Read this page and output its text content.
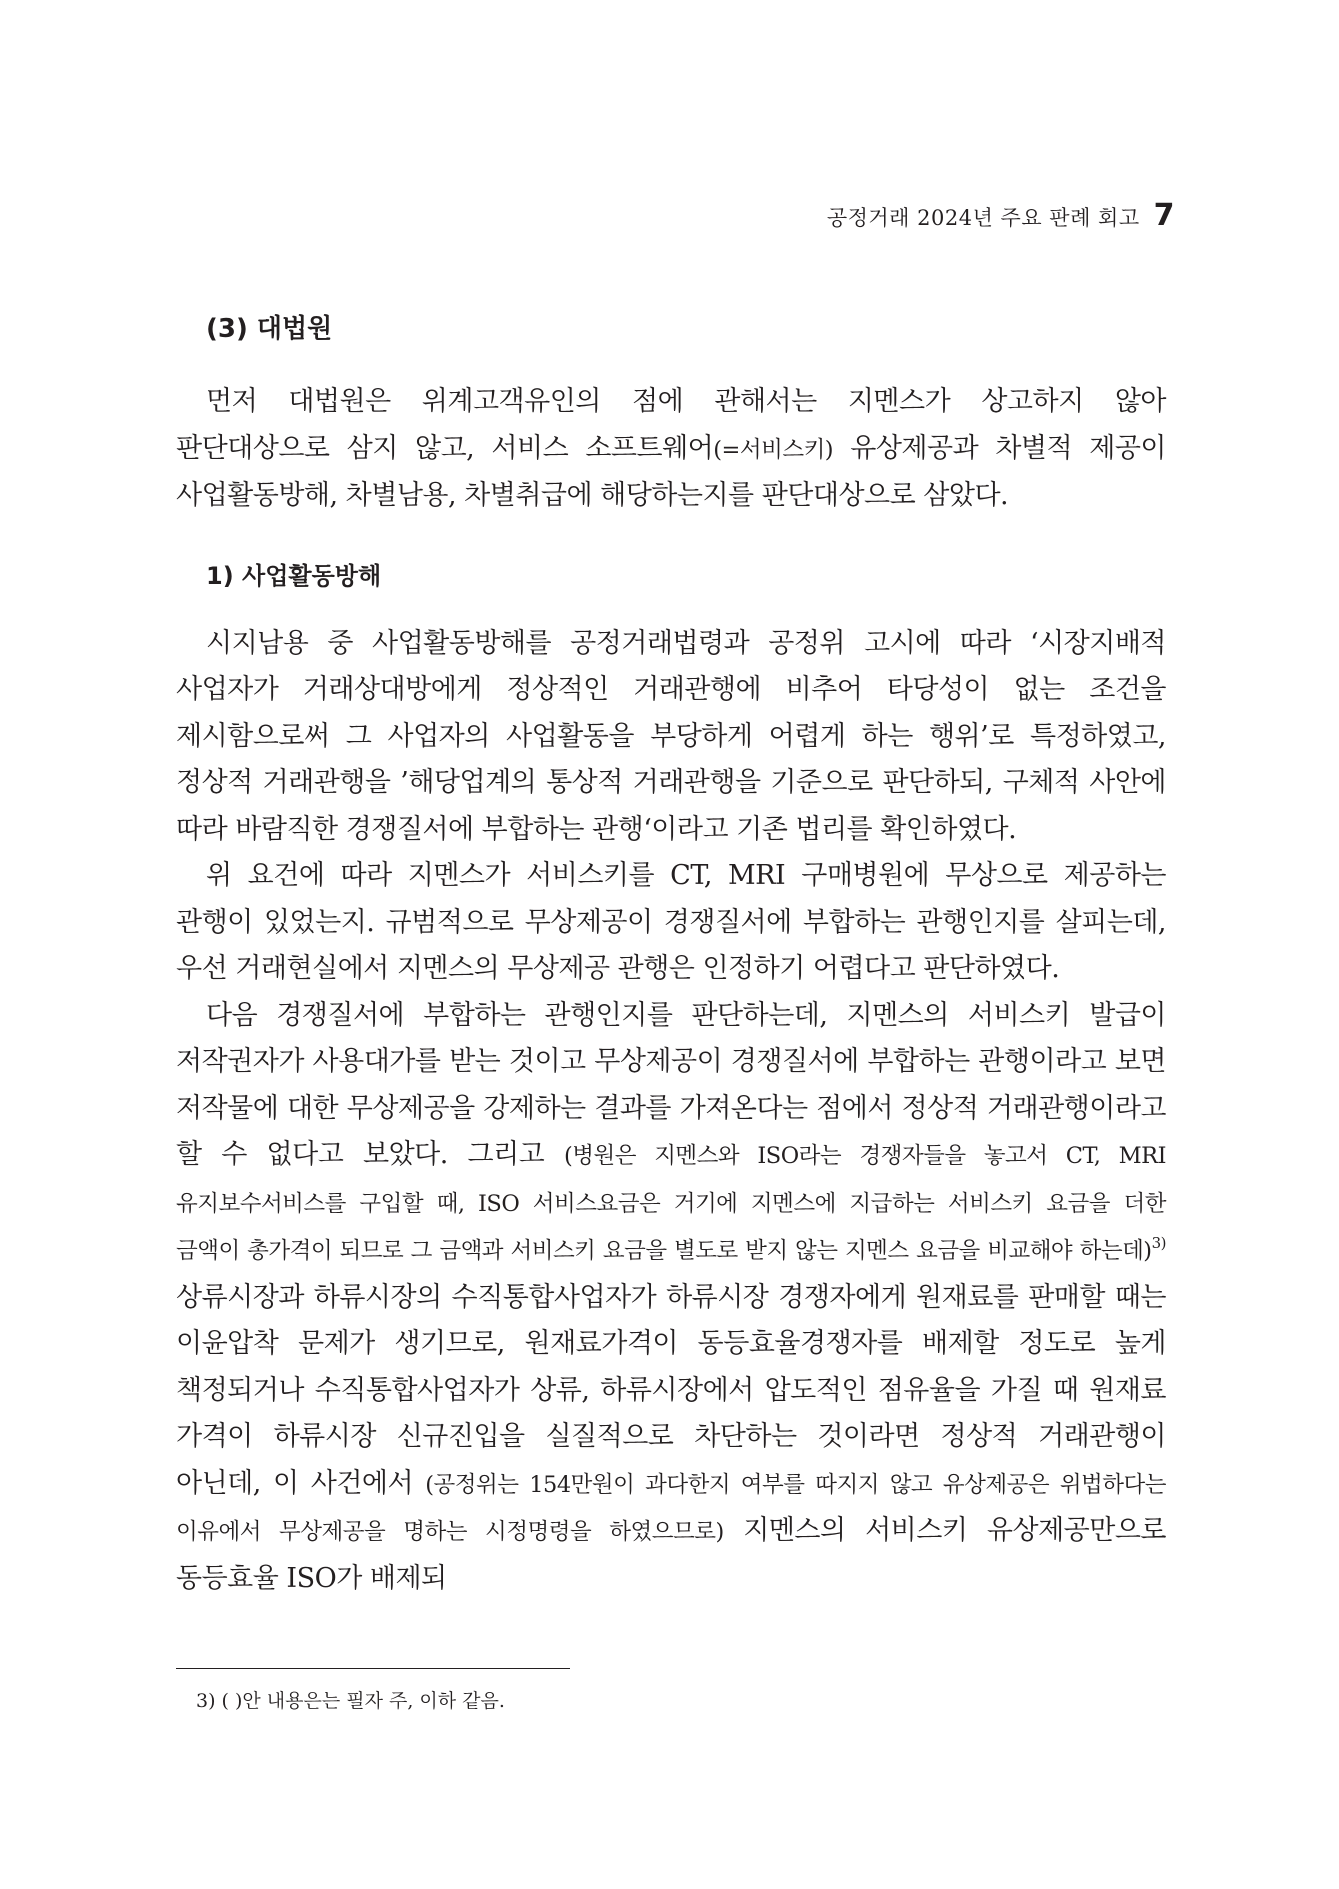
공정거래 2024년 주요 판례 회고 7
(3) 대법원

먼저 대법원은 위계고객유인의 점에 관해서는 지멘스가 상고하지 않아 판단대상으로 삼지 않고, 서비스 소프트웨어(=서비스키) 유상제공과 차별적 제공이 사업활동방해, 차별남용, 차별취급에 해당하는지를 판단대상으로 삼았다.

1) 사업활동방해

시지남용 중 사업활동방해를 공정거래법령과 공정위 고시에 따라 ‘시장지배적 사업자가 거래상대방에게 정상적인 거래관행에 비추어 타당성이 없는 조건을 제시함으로써 그 사업자의 사업활동을 부당하게 어렵게 하는 행위’로 특정하였고, 정상적 거래관행을 ’해당업계의 통상적 거래관행을 기준으로 판단하되, 구체적 사안에 따라 바람직한 경쟁질서에 부합하는 관행‘이라고 기존 법리를 확인하였다.

위 요건에 따라 지멘스가 서비스키를 CT, MRI 구매병원에 무상으로 제공하는 관행이 있었는지. 규범적으로 무상제공이 경쟁질서에 부합하는 관행인지를 살피는데, 우선 거래현실에서 지멘스의 무상제공 관행은 인정하기 어렵다고 판단하였다.

다음 경쟁질서에 부합하는 관행인지를 판단하는데, 지멘스의 서비스키 발급이 저작권자가 사용대가를 받는 것이고 무상제공이 경쟁질서에 부합하는 관행이라고 보면 저작물에 대한 무상제공을 강제하는 결과를 가져온다는 점에서 정상적 거래관행이라고 할 수 없다고 보았다. 그리고 (병원은 지멘스와 ISO라는 경쟁자들을 놓고서 CT, MRI 유지보수서비스를 구입할 때, ISO 서비스요금은 거기에 지멘스에 지급하는 서비스키 요금을 더한 금액이 총가격이 되므로 그 금액과 서비스키 요금을 별도로 받지 않는 지멘스 요금을 비교해야 하는데)$^{3)}$ 상류시장과 하류시장의 수직통합사업자가 하류시장 경쟁자에게 원재료를 판매할 때는 이윤압착 문제가 생기므로, 원재료가격이 동등효율경쟁자를 배제할 정도로 높게 책정되거나 수직통합사업자가 상류, 하류시장에서 압도적인 점유율을 가질 때 원재료 가격이 하류시장 신규진입을 실질적으로 차단하는 것이라면 정상적 거래관행이 아닌데, 이 사건에서 (공정위는 154만원이 과다한지 여부를 따지지 않고 유상제공은 위법하다는 이유에서 무상제공을 명하는 시정명령을 하였으므로) 지멘스의 서비스키 유상제공만으로 동등효율 ISO가 배제되

3) ( )안 내용은는 필자 주, 이하 같음.
